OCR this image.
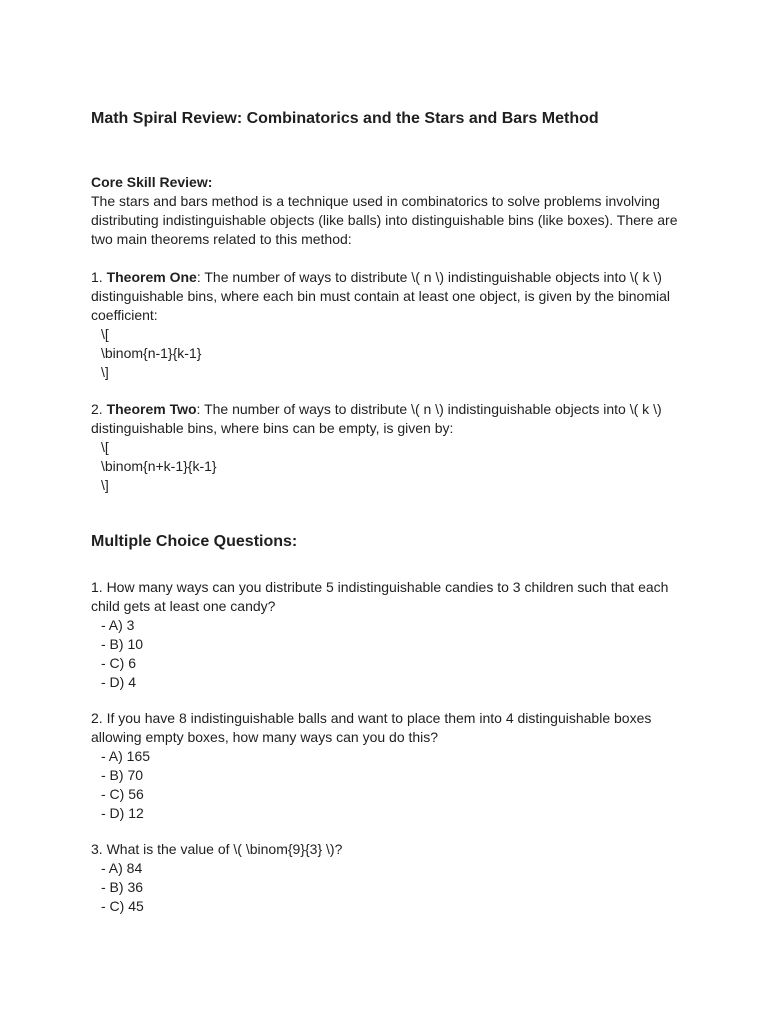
Math Spiral Review: Combinatorics and the Stars and Bars Method
Core Skill Review:
The stars and bars method is a technique used in combinatorics to solve problems involving
distributing indistinguishable objects (like balls) into distinguishable bins (like boxes). There are
two main theorems related to this method:
1. Theorem One: The number of ways to distribute \( n \) indistinguishable objects into \( k \)
distinguishable bins, where each bin must contain at least one object, is given by the binomial
coefficient:
\[
\binom{n-1}{k-1}
\]
2. Theorem Two: The number of ways to distribute \( n \) indistinguishable objects into \( k \)
distinguishable bins, where bins can be empty, is given by:
\[
\binom{n+k-1}{k-1}
\]
Multiple Choice Questions:
1. How many ways can you distribute 5 indistinguishable candies to 3 children such that each
child gets at least one candy?
- A) 3
- B) 10
- C) 6
- D) 4
2. If you have 8 indistinguishable balls and want to place them into 4 distinguishable boxes
allowing empty boxes, how many ways can you do this?
- A) 165
- B) 70
- C) 56
- D) 12
3. What is the value of \( \binom{9}{3} \)?
- A) 84
- B) 36
- C) 45
